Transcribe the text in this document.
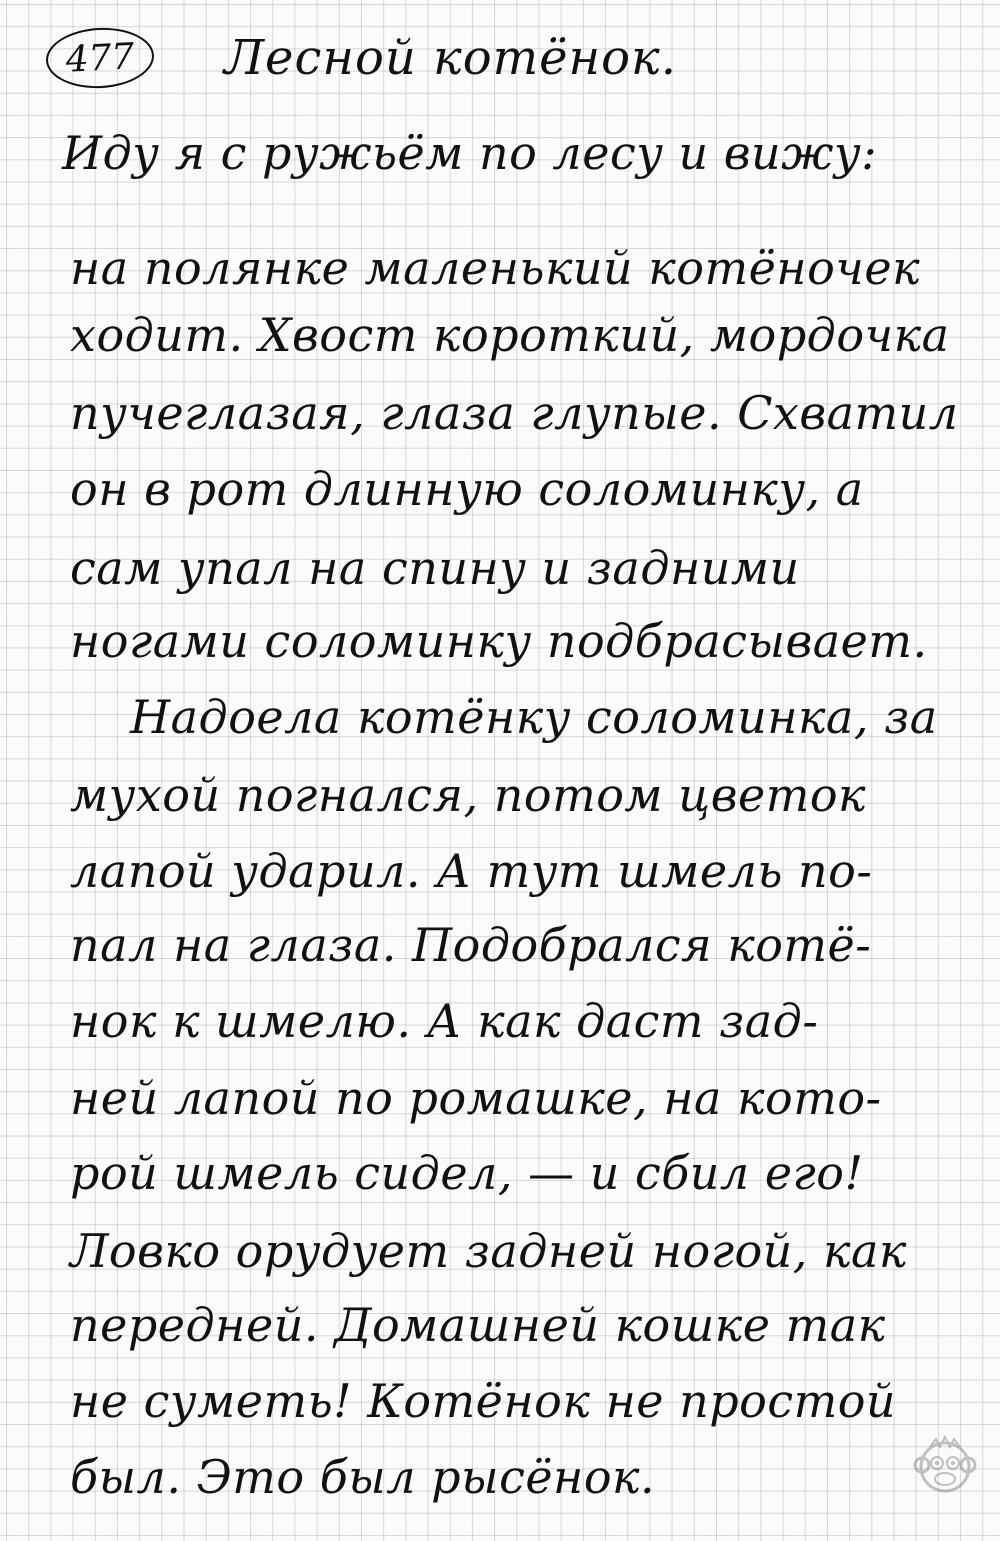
477 Лесной котёнок.
Иду я с ружьём по лесу и вижу:
на полянке маленький котёночек
ходит. Хвост короткий, мордочка
пучеглазая, глаза глупые. Схватил
он в рот длинную соломинку, а
сам упал на спину и задними
ногами соломинку подбрасывает.
Надоела котёнку соломинка, за
мухой погнался, потом цветок
лапой ударил. А тут шмель по-
пал на глаза. Подобрался котё-
нок к шмелю. А как даст зад-
ней лапой по ромашке, на кото-
рой шмель сидел, — и сбил его!
Ловко орудует задней ногой, как
передней. Домашней кошке так
не суметь! Котёнок не простой
был. Это был рысёнок.
